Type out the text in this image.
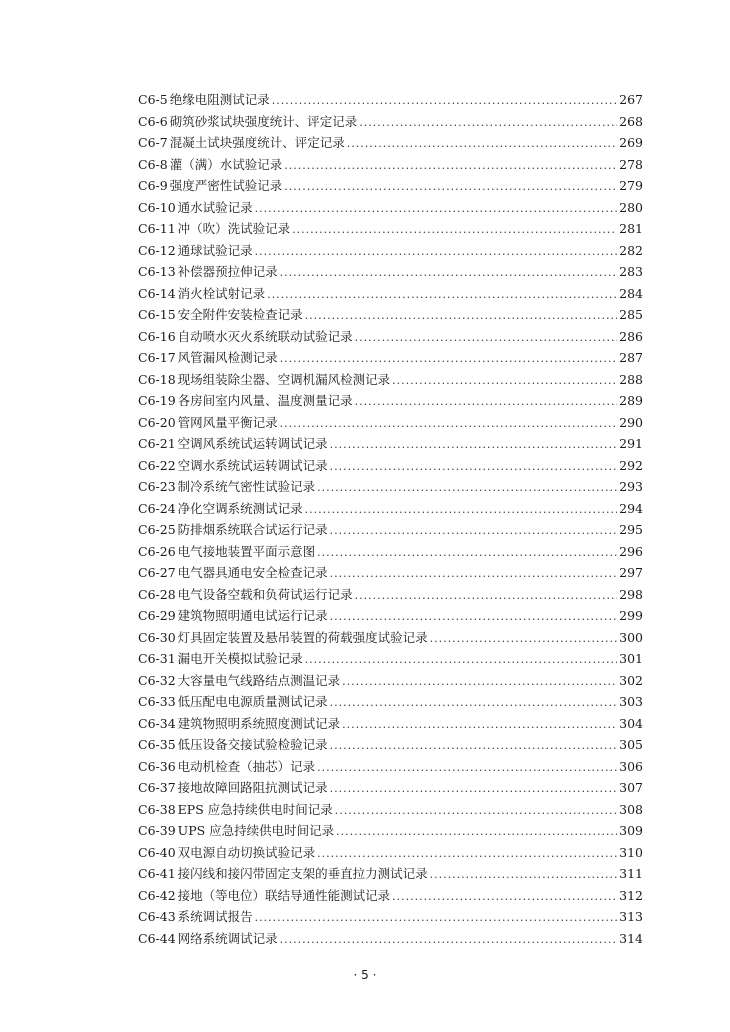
C6-5 绝缘电阻测试记录 .....	267
C6-6 砌筑砂浆试块强度统计、评定记录 .....	268
C6-7 混凝土试块强度统计、评定记录 .....	269
C6-8 灌（满）水试验记录 .....	278
C6-9 强度严密性试验记录 .....	279
C6-10 通水试验记录 .....	280
C6-11 冲（吹）洗试验记录 .....	281
C6-12 通球试验记录 .....	282
C6-13 补偿器预拉伸记录 .....	283
C6-14 消火栓试射记录 .....	284
C6-15 安全附件安装检查记录 .....	285
C6-16 自动喷水灭火系统联动试验记录 .....	286
C6-17 风管漏风检测记录 .....	287
C6-18 现场组装除尘器、空调机漏风检测记录 .....	288
C6-19 各房间室内风量、温度测量记录 .....	289
C6-20 管网风量平衡记录 .....	290
C6-21 空调风系统试运转调试记录 .....	291
C6-22 空调水系统试运转调试记录 .....	292
C6-23 制冷系统气密性试验记录 .....	293
C6-24 净化空调系统测试记录 .....	294
C6-25 防排烟系统联合试运行记录 .....	295
C6-26 电气接地装置平面示意图 .....	296
C6-27 电气器具通电安全检查记录 .....	297
C6-28 电气设备空载和负荷试运行记录 .....	298
C6-29 建筑物照明通电试运行记录 .....	299
C6-30 灯具固定装置及悬吊装置的荷载强度试验记录 .....	300
C6-31 漏电开关模拟试验记录 .....	301
C6-32 大容量电气线路结点测温记录 .....	302
C6-33 低压配电电源质量测试记录 .....	303
C6-34 建筑物照明系统照度测试记录 .....	304
C6-35 低压设备交接试验检验记录 .....	305
C6-36 电动机检查（抽芯）记录 .....	306
C6-37 接地故障回路阻抗测试记录 .....	307
C6-38 EPS 应急持续供电时间记录 .....	308
C6-39 UPS 应急持续供电时间记录 .....	309
C6-40 双电源自动切换试验记录 .....	310
C6-41 接闪线和接闪带固定支架的垂直拉力测试记录 .....	311
C6-42 接地（等电位）联结导通性能测试记录 .....	312
C6-43 系统调试报告 .....	313
C6-44 网络系统调试记录 .....	314
· 5 ·
